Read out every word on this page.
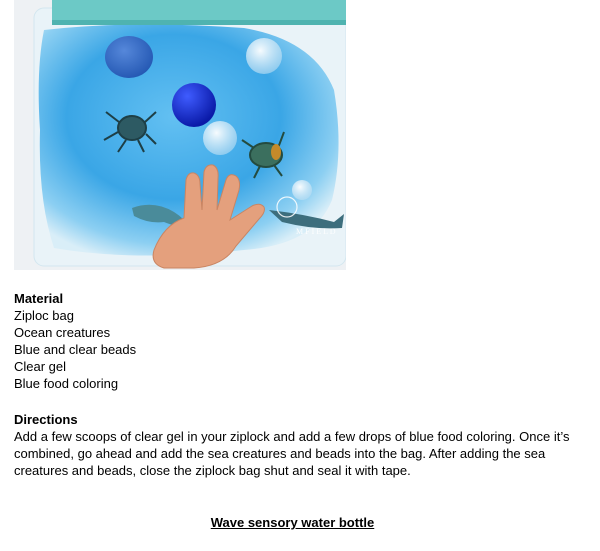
M F I E L D
Material
Ziploc bag
Ocean creatures
Blue and clear beads
Clear gel
Blue food coloring
Directions

Add a few scoops of clear gel in your ziplock and add a few drops of blue food coloring. Once it’s combined, go ahead and add the sea creatures and beads into the bag. After adding the sea creatures and beads, close the ziplock bag shut and seal it with tape.

Wave sensory water bottle
